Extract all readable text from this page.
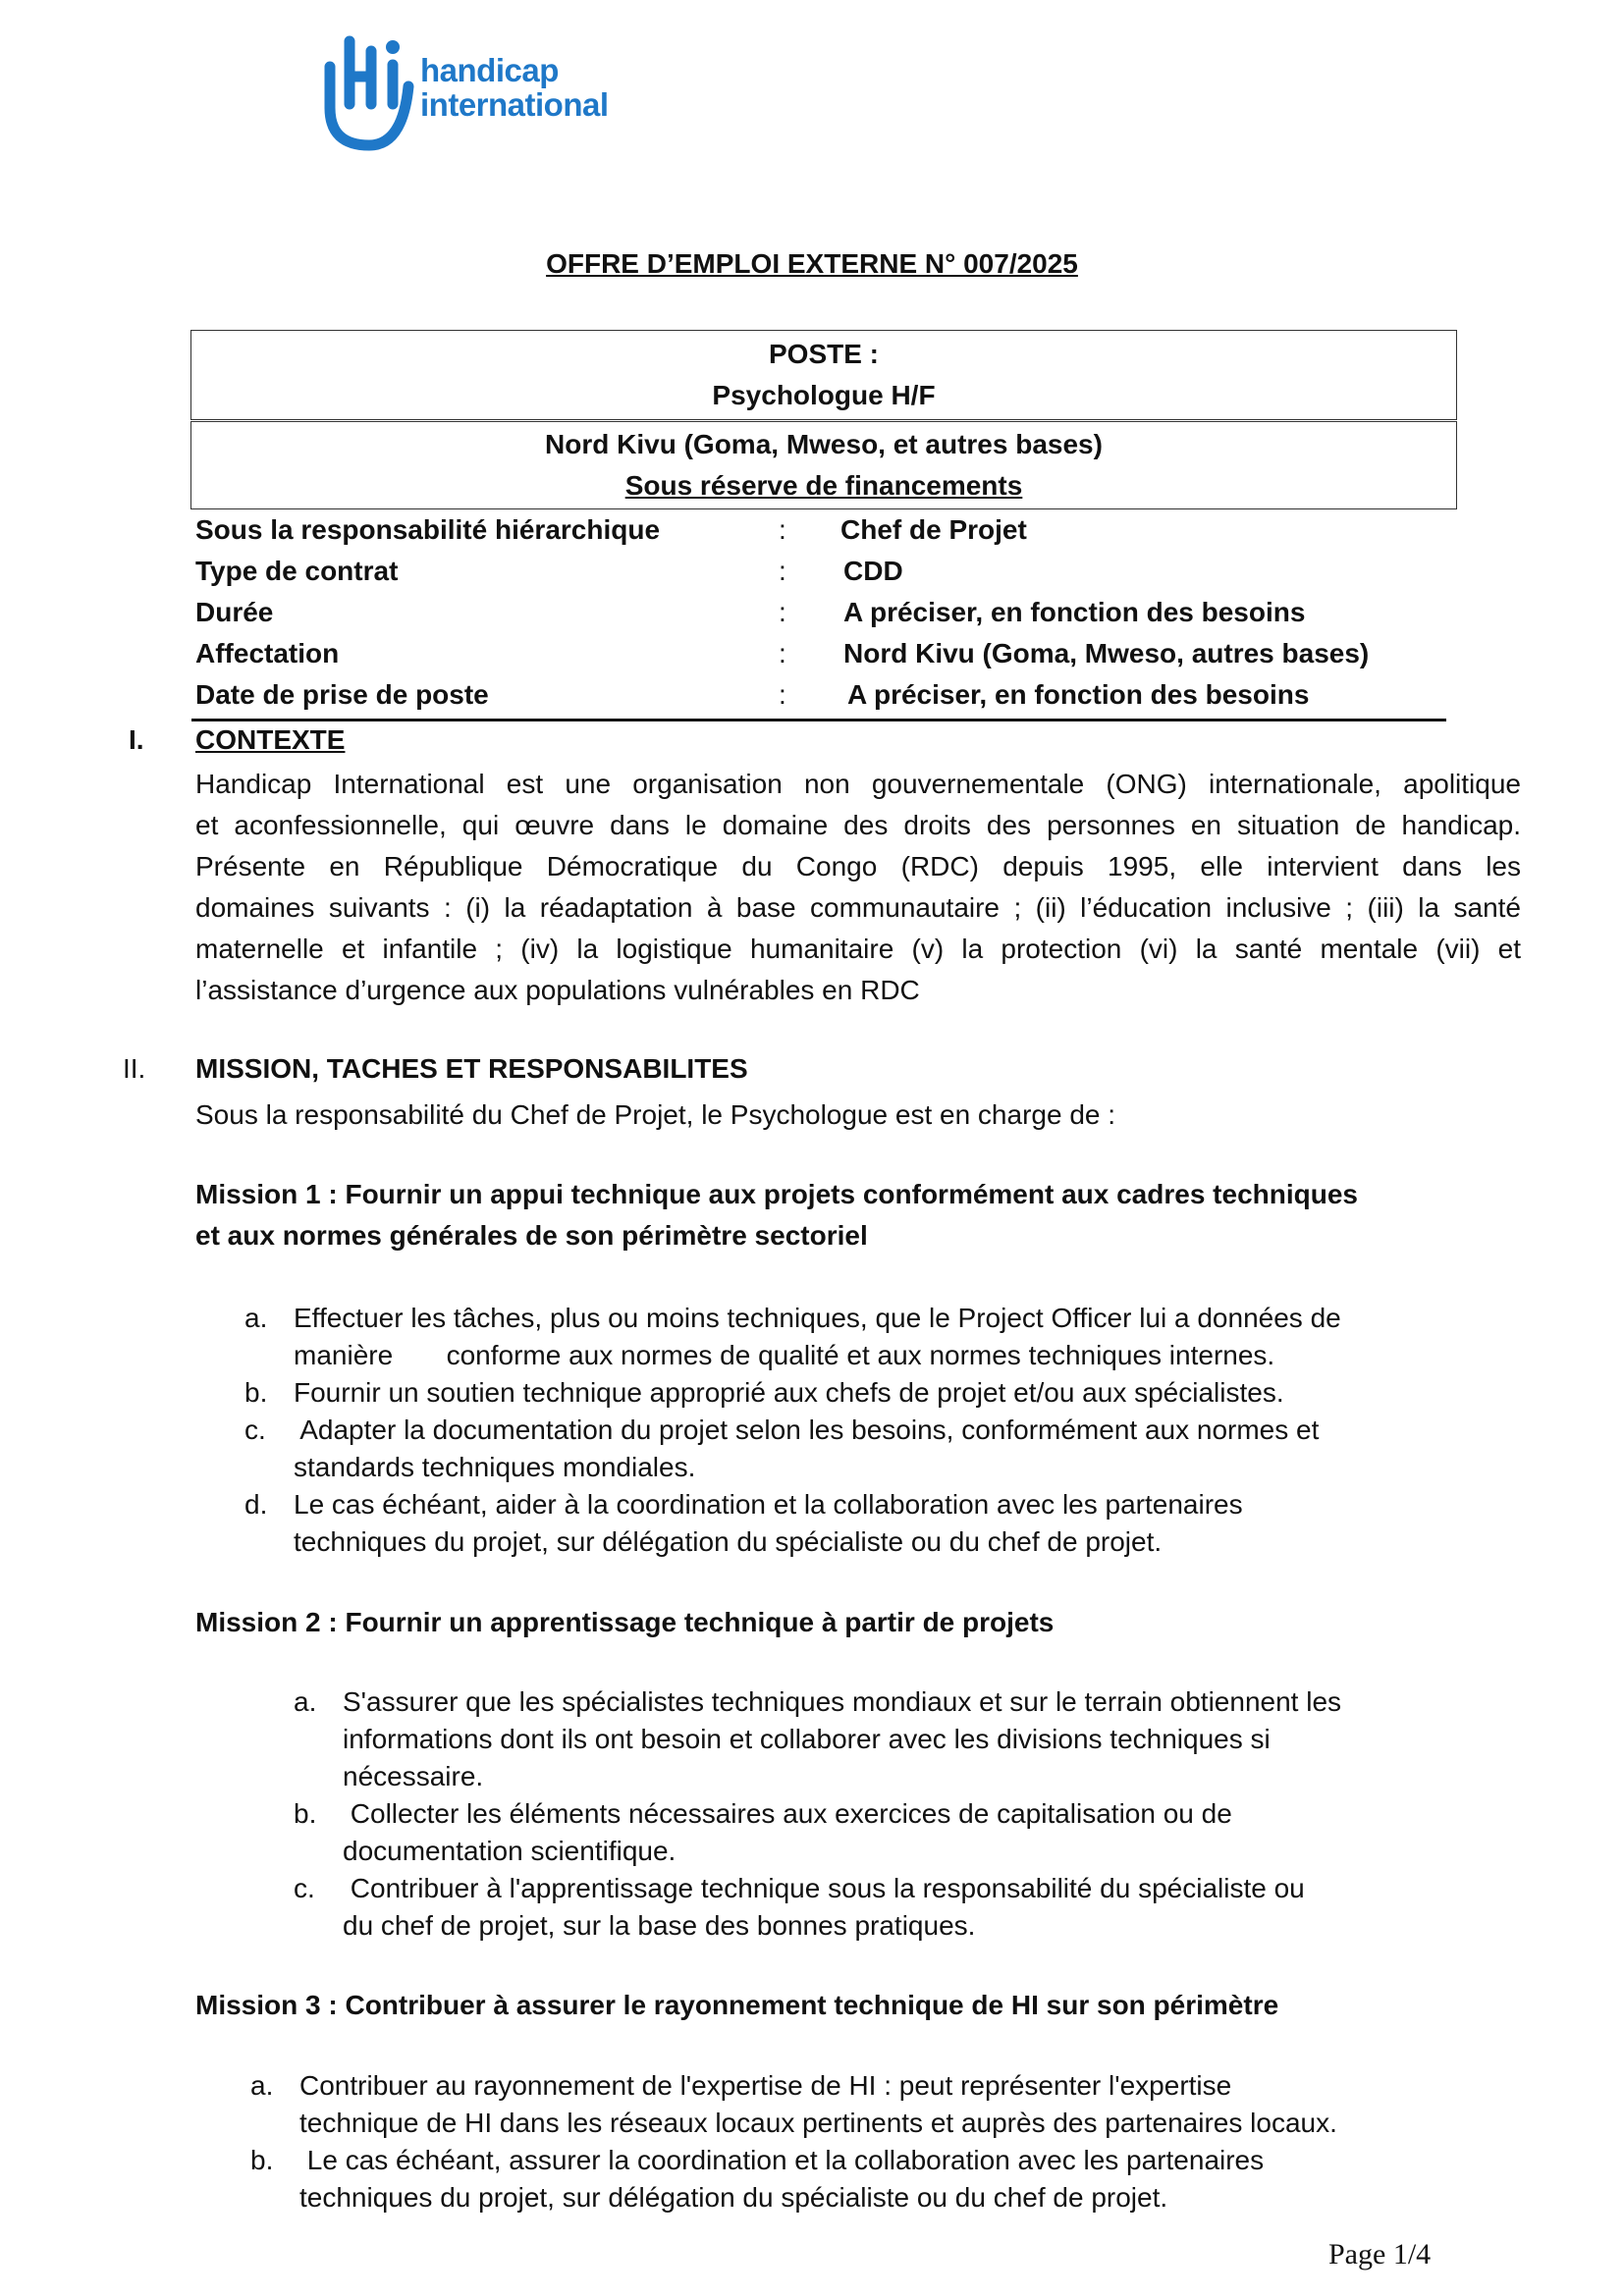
handicap
international
OFFRE D’EMPLOI EXTERNE N° 007/2025
POSTE :
Psychologue H/F
Nord Kivu (Goma, Mweso, et autres bases)
Sous réserve de financements
Sous la responsabilité hiérarchique	: Chef de Projet
Type de contrat	: CDD
Durée	: A préciser, en fonction des besoins
Affectation	: Nord Kivu (Goma, Mweso, autres bases)
Date de prise de poste	: A préciser, en fonction des besoins
I. CONTEXTE
Handicap International est une organisation non gouvernementale (ONG) internationale, apolitique
et aconfessionnelle, qui œuvre dans le domaine des droits des personnes en situation de handicap.
Présente en République Démocratique du Congo (RDC) depuis 1995, elle intervient dans les
domaines suivants : (i) la réadaptation à base communautaire ; (ii) l’éducation inclusive ; (iii) la santé
maternelle et infantile ; (iv) la logistique humanitaire (v) la protection (vi) la santé mentale (vii) et
l’assistance d’urgence aux populations vulnérables en RDC
II. MISSION, TACHES ET RESPONSABILITES
Sous la responsabilité du Chef de Projet, le Psychologue est en charge de :
Mission 1 : Fournir un appui technique aux projets conformément aux cadres techniques
et aux normes générales de son périmètre sectoriel
a. Effectuer les tâches, plus ou moins techniques, que le Project Officer lui a données de
manière       conforme aux normes de qualité et aux normes techniques internes.
b. Fournir un soutien technique approprié aux chefs de projet et/ou aux spécialistes.
c. Adapter la documentation du projet selon les besoins, conformément aux normes et
standards techniques mondiales.
d. Le cas échéant, aider à la coordination et la collaboration avec les partenaires
techniques du projet, sur délégation du spécialiste ou du chef de projet.
Mission 2 : Fournir un apprentissage technique à partir de projets
a. S'assurer que les spécialistes techniques mondiaux et sur le terrain obtiennent les
informations dont ils ont besoin et collaborer avec les divisions techniques si
nécessaire.
b. Collecter les éléments nécessaires aux exercices de capitalisation ou de
documentation scientifique.
c. Contribuer à l'apprentissage technique sous la responsabilité du spécialiste ou
du chef de projet, sur la base des bonnes pratiques.
Mission 3 : Contribuer à assurer le rayonnement technique de HI sur son périmètre
a. Contribuer au rayonnement de l'expertise de HI : peut représenter l'expertise
technique de HI dans les réseaux locaux pertinents et auprès des partenaires locaux.
b. Le cas échéant, assurer la coordination et la collaboration avec les partenaires
techniques du projet, sur délégation du spécialiste ou du chef de projet.
Page 1/4
